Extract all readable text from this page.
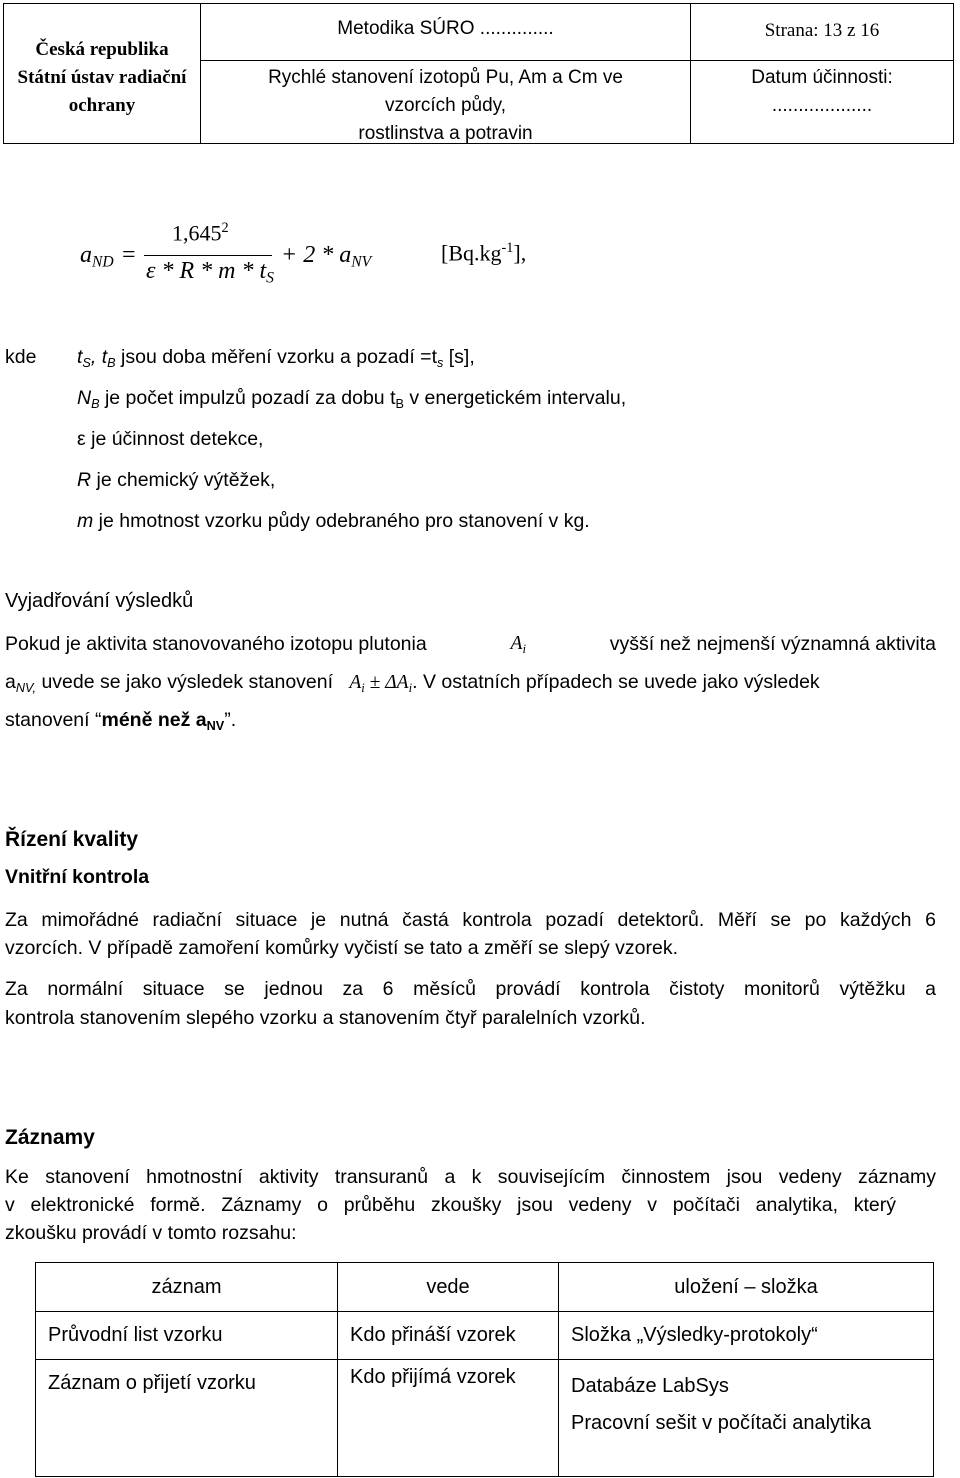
Česká republika
Státní ústav radiační
ochrany
Metodika SÚRO ..............
Rychlé stanovení izotopů Pu, Am a Cm ve
vzorcích půdy,
rostlinstva a potravin
Strana: 13 z 16
Datum účinnosti:
...................
$a_{ND}$ =
$1,645^2$
ε * R * m * $t_S$
+ $2 * a_{NV}$	$[Bq.kg^{-1}]$,
kde $t_S$, $t_B$ jsou doba měření vzorku a pozadí $=t_s$ [s],
$N_B$ je počet impulzů pozadí za dobu $t_B$ v energetickém intervalu,
ε je účinnost detekce,
R je chemický výtěžek,
m je hmotnost vzorku půdy odebraného pro stanovení v kg.
Vyjadřování výsledků
Pokud je aktivita stanovovaného izotopu plutonia	$A_i$	vyšší než nejmenší významná aktivita
$a_{NV,}$ uvede se jako výsledek stanovení $A_i \pm \Delta A_i$. V ostatních případech se uvede jako výsledek
stanovení “méně než $a_{NV}$”.
Řízení kvality
Vnitřní kontrola
Za mimořádné radiační situace je nutná častá kontrola pozadí detektorů. Měří se po každých 6
vzorcích. V případě zamoření komůrky vyčistí se tato a změří se slepý vzorek.
Za normální situace se jednou za 6 měsíců provádí kontrola čistoty monitorů výtěžku a
kontrola stanovením slepého vzorku a stanovením čtyř paralelních vzorků.
Záznamy
Ke stanovení hmotnostní aktivity transuranů a k souvisejícím činnostem jsou vedeny záznamy
v elektronické formě. Záznamy o průběhu zkoušky jsou vedeny v počítači analytika, který
zkoušku provádí v tomto rozsahu:
záznam	vede	uložení – složka
Průvodní list vzorku	Kdo přináší vzorek	Složka „Výsledky-protokoly“
Záznam o přijetí vzorku	Kdo přijímá vzorek	Databáze LabSys
Pracovní sešit v počítači analytika
